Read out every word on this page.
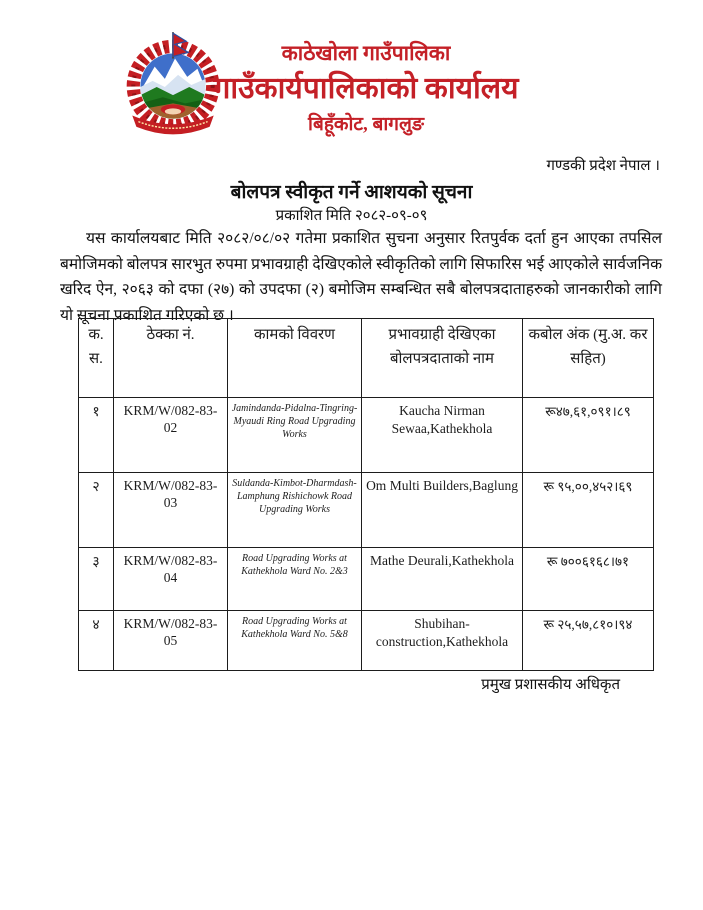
काठेखोला गाउँपालिका
गाउँकार्यपालिकाको कार्यालय
बिहूँकोट, बागलुङ
गण्डकी प्रदेश नेपाल ।
बोलपत्र स्वीकृत गर्ने आशयको सूचना
प्रकाशित मिति २०८२-०९-०९
यस कार्यालयबाट मिति २०८२/०८/०२ गतेमा प्रकाशित सुचना अनुसार रितपुर्वक दर्ता हुन आएका तपसिल बमोजिमको बोलपत्र सारभुत रुपमा प्रभावग्राही देखिएकोले स्वीकृतिको लागि सिफारिस भई आएकोले सार्वजनिक खरिद ऐन, २०६३ को दफा (२७) को उपदफा (२) बमोजिम सम्बन्धित सबै बोलपत्रदाताहरुको जानकारीको लागि यो सूचना प्रकाशित गरिएको छ ।
क. स.	ठेक्का नं.	कामको विवरण	प्रभावग्राही देखिएका बोलपत्रदाताको नाम	कबोल अंक (मु.अ. कर सहित)
१	KRM/W/082-83-02	Jamindanda-Pidalna-Tingring-Myaudi Ring Road Upgrading Works	Kaucha Nirman Sewaa,Kathekhola	रू४७,६१,०९१।८९
२	KRM/W/082-83-03	Suldanda-Kimbot-Dharmdash-Lamphung Rishichowk Road Upgrading Works	Om Multi Builders,Baglung	रू ९५,००,४५२।६९
३	KRM/W/082-83-04	Road Upgrading Works at Kathekhola Ward No. 2&3	Mathe Deurali,Kathekhola	रू ७००६१६८।७१
४	KRM/W/082-83-05	Road Upgrading Works at Kathekhola Ward No. 5&8	Shubihan-construction,Kathekhola	रू २५,५७,८१०।९४
प्रमुख प्रशासकीय अधिकृत
